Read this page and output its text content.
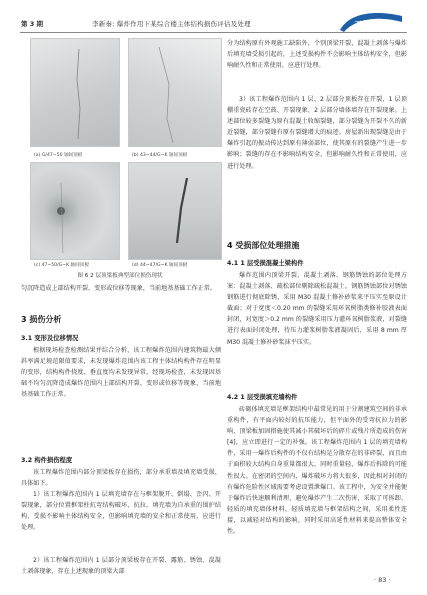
第 3 期	李新秦: 爆炸作用下某综合楼主体结构损伤评估及处理	工程质量
(a) G/47~50 轴间顶板	(b) 43~44/G~K 轴间顶板
(c) 47~50/G~K 轴间顶板	(d) 44~47/G~K 轴间顶板
图 6 2 层顶梁板典型部位损伤现状
匀沉降造成上部结构开裂、变形或位移等现象，当前地基基础工作正常。
3 损伤分析
3.1 变形及位移情况
根据现场检查检测结果并综合分析，该工程爆炸范围内建筑物最大倾斜率满足规范限值要求，未发现爆炸范围内该工程主体结构构件存在明显的变形，结构构件挠度、垂直度均未发现异常，经现场检查，未发现因基础不均匀沉降造成爆炸范围内上部结构开裂、变形或位移等现象，当前地基基础工作正常。
3.2 构件损伤程度
该工程爆炸范围内部分顶梁板存在损伤，部分承重墙及填充墙受损，具体如下。
1）该工程爆炸范围内 1 层填充墙存在与框架脱开、倒塌、歪闪、开裂现象，部分位置框架柱抗弯结构破坏、抗拉。填充墙为自承重的围护结构，受损不影响主体结构安全，但影响填充墙的安全和正常使用，应进行处理。
2）该工程爆炸范围内 1 层部分顶梁板存在开裂、露筋、锈蚀、混凝土剥落现象，存在上述现象的顶梁大部
分为结构原有外观施工缺陷外，个别顶梁开裂，混凝土剥落与爆炸后填充墙受损引起的，上述受损构件不会影响主体结构安全，但影响耐久性和正常使用，应进行处理。
3）该工程爆炸范围内 1 层、2 层部分顶板存在开裂，1 层顶棚重瓷砖存在空鼓、开裂现象，2 层部分墙体墙存在开裂现象。上述部位较多裂缝为原有混凝土收缩裂缝，部分裂缝为开裂不久的新近裂缝，部分裂缝有原有裂缝增大的痕迹。房屋新出现裂缝是由于爆炸引起的振动传达到原有薄弱部位，使其原有的裂缝产生进一步影响；裂缝的存在不影响结构安全，但影响耐久性和正常使用，应进行处理。
4 受损部位处理措施
4.1 1 层受损混凝土梁构件
爆炸范围内顶梁开裂、混凝土剥落、钢筋锈蚀的部位处理方案：混凝土剥落、疏松部位剔除疏松混凝土，钢筋锈蚀部位对锈蚀钢筋进行彻底除锈，采用 M30 混凝土修补砂浆来平压实至原设计截面；对于宽度＜0.20 mm 的裂缝采用环氧树脂类修补胶液表面封闭，对宽度＞0.2 mm 的裂缝采用压力灌环氧树脂浆液，对裂缝进行表面封闭处理，待压力灌浆树脂浆液凝固后，采用 8 mm 厚 M30 混凝土修补砂浆抹平压实。
4.2 1 层受损填充墙构件
砖砌体填充墙是框架结构中最常见的用于分割建筑空间的非承重构件，有平面内较好的抗压能力，但平面外的受弯抗拉力的影响，顶梁板加固措施使其减小其破坏后的碎片或残片所造成的伤害[4]，应立即进行一定的补强。该工程爆炸范围内 1 层的填充墙构件，采用一爆炸后构件的不仅有结构是分散存在的非碎裂，而且由于面积较大结构自身重量都很大，同时重量轻、爆炸后拆除的可能性很大。在密闭的空间内，爆炸破坏力将大很多，因此相对封闭的有爆炸危险性区域需要考虑设置泄爆口。该工程中，为安全并能便于爆炸后快速顺利清理，避免爆炸产生二次伤害，采取了可拆卸、轻质的填充墙体材料，轻质填充墙与框架结构之间，采用柔性连接，以减轻对结构的影响，同时采用高延性材料来提高整体安全性。
· 83 ·
